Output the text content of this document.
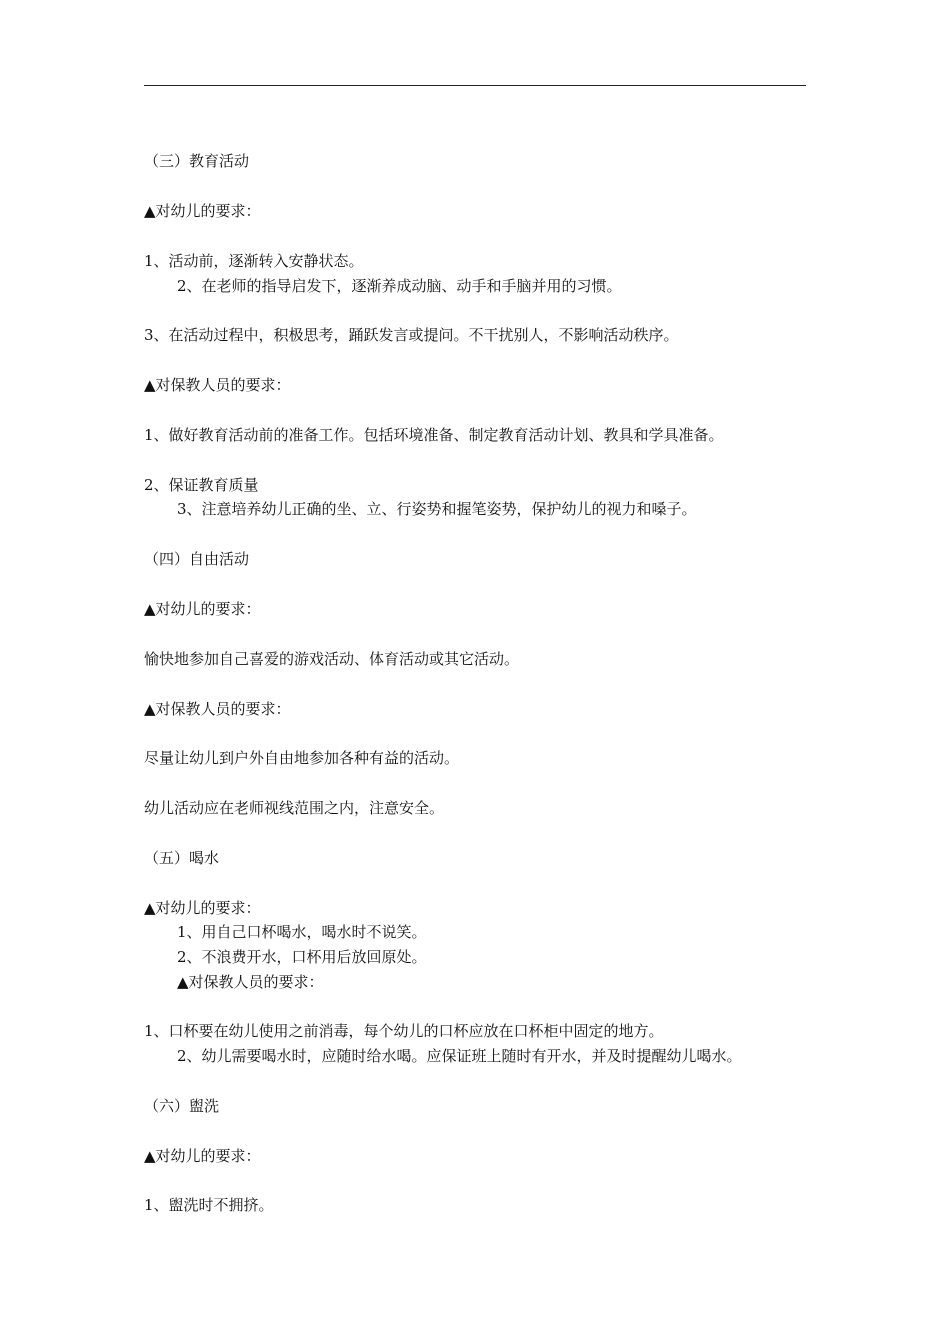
（三）教育活动
▲对幼儿的要求：
1、活动前，逐渐转入安静状态。
2、在老师的指导启发下，逐渐养成动脑、动手和手脑并用的习惯。
3、在活动过程中，积极思考，踊跃发言或提问。不干扰别人，不影响活动秩序。
▲对保教人员的要求：
1、做好教育活动前的准备工作。包括环境准备、制定教育活动计划、教具和学具准备。
2、保证教育质量
3、注意培养幼儿正确的坐、立、行姿势和握笔姿势，保护幼儿的视力和嗓子。
（四）自由活动
▲对幼儿的要求：
愉快地参加自己喜爱的游戏活动、体育活动或其它活动。
▲对保教人员的要求：
尽量让幼儿到户外自由地参加各种有益的活动。
幼儿活动应在老师视线范围之内，注意安全。
（五）喝水
▲对幼儿的要求：
1、用自己口杯喝水，喝水时不说笑。
2、不浪费开水，口杯用后放回原处。
▲对保教人员的要求：
1、口杯要在幼儿使用之前消毒，每个幼儿的口杯应放在口杯柜中固定的地方。
2、幼儿需要喝水时，应随时给水喝。应保证班上随时有开水，并及时提醒幼儿喝水。
（六）盥洗
▲对幼儿的要求：
1、盥洗时不拥挤。
